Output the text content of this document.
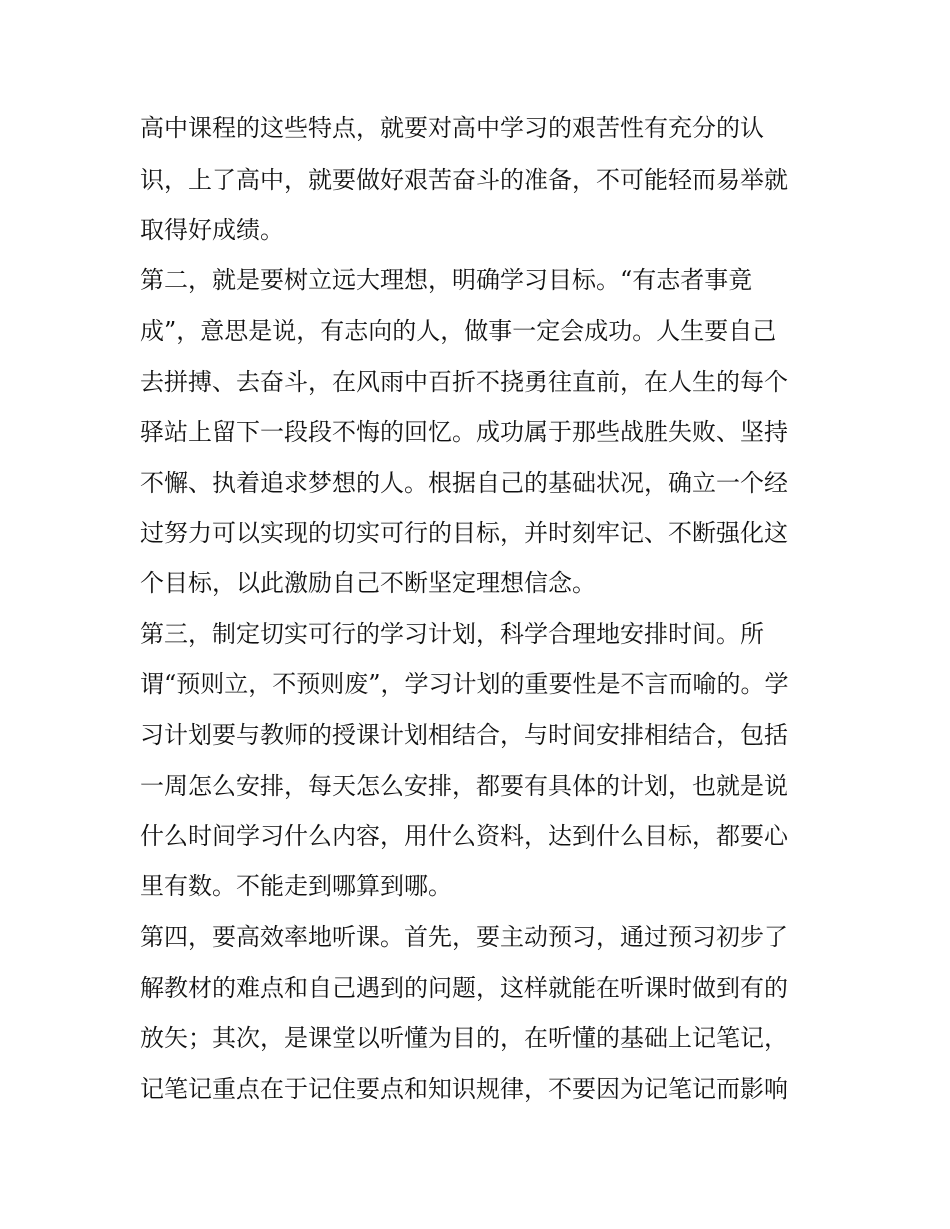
高中课程的这些特点，就要对高中学习的艰苦性有充分的认

识，上了高中，就要做好艰苦奋斗的准备，不可能轻而易举就

取得好成绩。

第二，就是要树立远大理想，明确学习目标。“有志者事竟

成”，意思是说，有志向的人，做事一定会成功。人生要自己

去拼搏、去奋斗，在风雨中百折不挠勇往直前，在人生的每个

驿站上留下一段段不悔的回忆。成功属于那些战胜失败、坚持

不懈、执着追求梦想的人。根据自己的基础状况，确立一个经

过努力可以实现的切实可行的目标，并时刻牢记、不断强化这

个目标，以此激励自己不断坚定理想信念。

第三，制定切实可行的学习计划，科学合理地安排时间。所

谓“预则立，不预则废”，学习计划的重要性是不言而喻的。学

习计划要与教师的授课计划相结合，与时间安排相结合，包括

一周怎么安排，每天怎么安排，都要有具体的计划，也就是说

什么时间学习什么内容，用什么资料，达到什么目标，都要心

里有数。不能走到哪算到哪。

第四，要高效率地听课。首先，要主动预习，通过预习初步了

解教材的难点和自己遇到的问题，这样就能在听课时做到有的

放矢；其次，是课堂以听懂为目的，在听懂的基础上记笔记，

记笔记重点在于记住要点和知识规律，不要因为记笔记而影响
